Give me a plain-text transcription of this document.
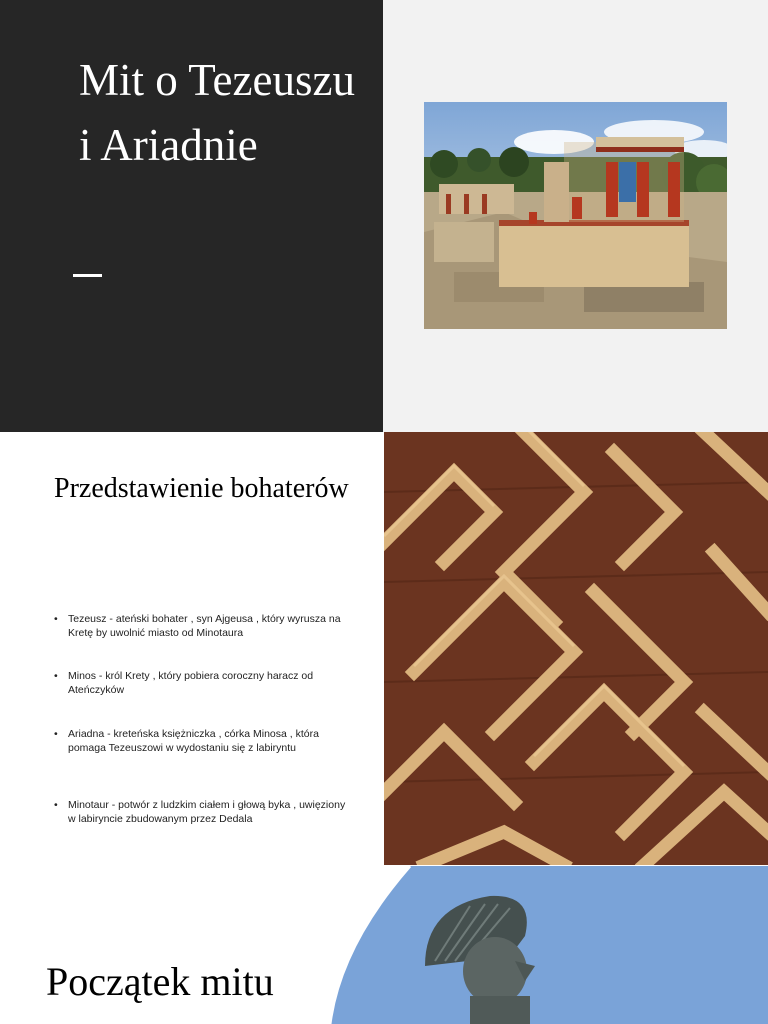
Mit o Tezeuszu i Ariadnie
Przedstawienie bohaterów
• Tezeusz - ateński bohater , syn Ajgeusa , który wyrusza na Kretę by uwolnić miasto od Minotaura
• Minos - król Krety , który pobiera coroczny haracz od Ateńczyków
• Ariadna - kreteńska księżniczka , córka Minosa , która pomaga Tezeuszowi w wydostaniu się z labiryntu
• Minotaur - potwór z ludzkim ciałem i głową byka , uwięziony w labiryncie zbudowanym przez Dedala
Początek mitu
